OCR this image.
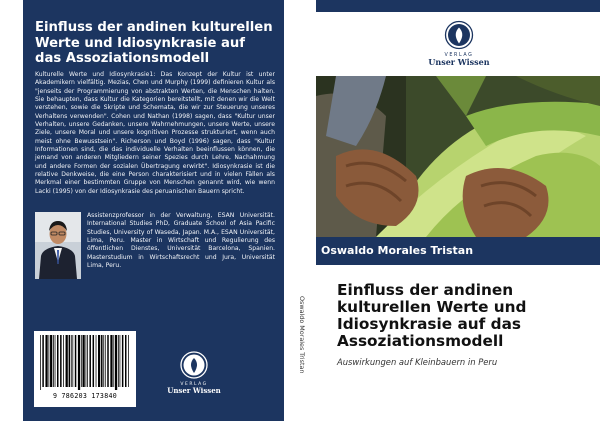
Einfluss der andinen kulturellen Werte und Idiosynkrasie auf das Assoziationsmodell
Kulturelle Werte und Idiosynkrasie1: Das Konzept der Kultur ist unter Akademikern vielfältig. Mezias, Chen und Murphy (1999) definieren Kultur als "jenseits der Programmierung von abstrakten Werten, die Menschen halten. Sie behaupten, dass Kultur die Kategorien bereitstellt, mit denen wir die Welt verstehen, sowie die Skripte und Schemata, die wir zur Steuerung unseres Verhaltens verwenden". Cohen und Nathan (1998) sagen, dass "Kultur unser Verhalten, unsere Gedanken, unsere Wahrnehmungen, unsere Werte, unsere Ziele, unsere Moral und unsere kognitiven Prozesse strukturiert, wenn auch meist ohne Bewusstsein". Richerson und Boyd (1996) sagen, dass "Kultur Informationen sind, die das individuelle Verhalten beeinflussen können, die jemand von anderen Mitgliedern seiner Spezies durch Lehre, Nachahmung und andere Formen der sozialen Übertragung erwirbt". Idiosynkrasie ist die relative Denkweise, die eine Person charakterisiert und in vielen Fällen als Merkmal einer bestimmten Gruppe von Menschen genannt wird, wie wenn Lacki (1995) von der Idiosynkrasie des peruanischen Bauern spricht.
Assistenzprofessor in der Verwaltung, ESAN Universität. International Studies PhD, Graduate School of Asia Pacific Studies, University of Waseda, Japan. M.A., ESAN Universität, Lima, Peru. Master in Wirtschaft und Regulierung des öffentlichen Dienstes, Universität Barcelona, Spanien. Masterstudium in Wirtschaftsrecht und Jura, Universität Lima, Peru.
9 786203 173840
VERLAG
Unser Wissen
Oswaldo Morales Tristan
VERLAG
Unser Wissen
Oswaldo Morales Tristan
Einfluss der andinen kulturellen Werte und Idiosynkrasie auf das Assoziationsmodell
Auswirkungen auf Kleinbauern in Peru
